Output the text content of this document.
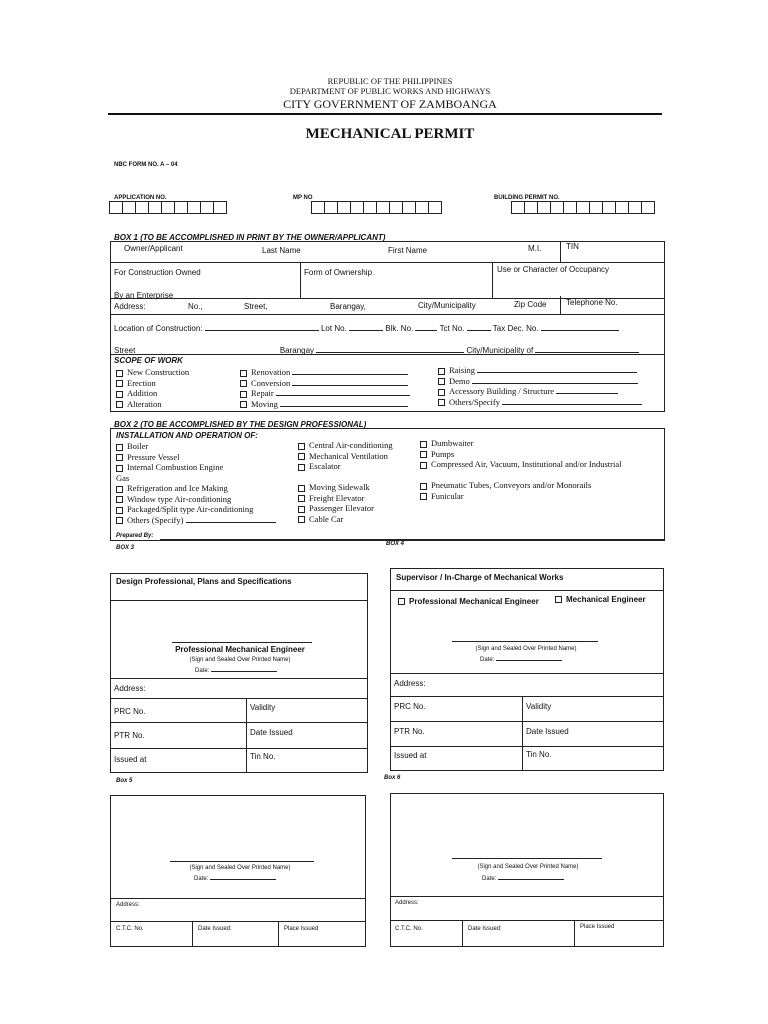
REPUBLIC OF THE PHILIPPINES
DEPARTMENT OF PUBLIC WORKS AND HIGHWAYS
CITY GOVERNMENT OF ZAMBOANGA
MECHANICAL PERMIT
NBC FORM NO. A – 04
APPLICATION NO.	MP NO	BUILDING PERMIT NO.
BOX 1 (TO BE ACCOMPLISHED IN PRINT BY THE OWNER/APPLICANT)
Owner/Applicant	Last Name	First Name	M.I.	TIN
For Construction Owned
By an Enterprise
Form of Ownership	Use or Character of Occupancy
Address:	No.,	Street,	Barangay,	City/Municipality	Zip Code Telephone No.
Location of Construction:	Lot No.	Blk. No.	Tct No.	Tax Dec. No.
Street	Barangay	City/Municipality of
SCOPE OF WORK
New Construction
Erection
Addition
Alteration
Renovation
Conversion
Repair
Moving
Raising
Demo
Accessory Building / Structure
Others/Specify
BOX 2 (TO BE ACCOMPLISHED BY THE DESIGN PROFESSIONAL)
INSTALLATION AND OPERATION OF:
Boiler
Pressure Vessel
Internal Combustion Engine
Gas
Refrigeration and Ice Making
Window type Air-conditioning
Packaged/Split type Air-conditioning
Others (Specify)
Central Air-conditioning
Mechanical Ventilation
Escalator
Moving Sidewalk
Freight Elevator
Passenger Elevator
Cable Car
Dumbwaiter
Pumps
Compressed Air, Vacuum, Institutional and/or Industrial
Pneumatic Tubes, Conveyors and/or Monorails
Funicular
Prepared By:
BOX 3
BOX 4
Design Professional, Plans and Specifications
Professional Mechanical Engineer
(Sign and Sealed Over Printed Name)
Date:
Address:
PRC No.	Validity
PTR No.	Date Issued
Issued at	Tin No.
Box 5
Supervisor / In-Charge of Mechanical Works
Professional Mechanical Engineer	Mechanical Engineer
(Sign and Sealed Over Printed Name)
Date:
Address:
PRC No.	Validity
PTR No.	Date Issued
Issued at	Tin No.
Box 6
(Sign and Sealed Over Printed Name)
Date:
Address:
C.T.C. No.	Date Issued:	Place Issued
(Sign and Sealed Over Printed Name)
Date:
Address:
C.T.C. No.	Date Issued:	Place Issued
